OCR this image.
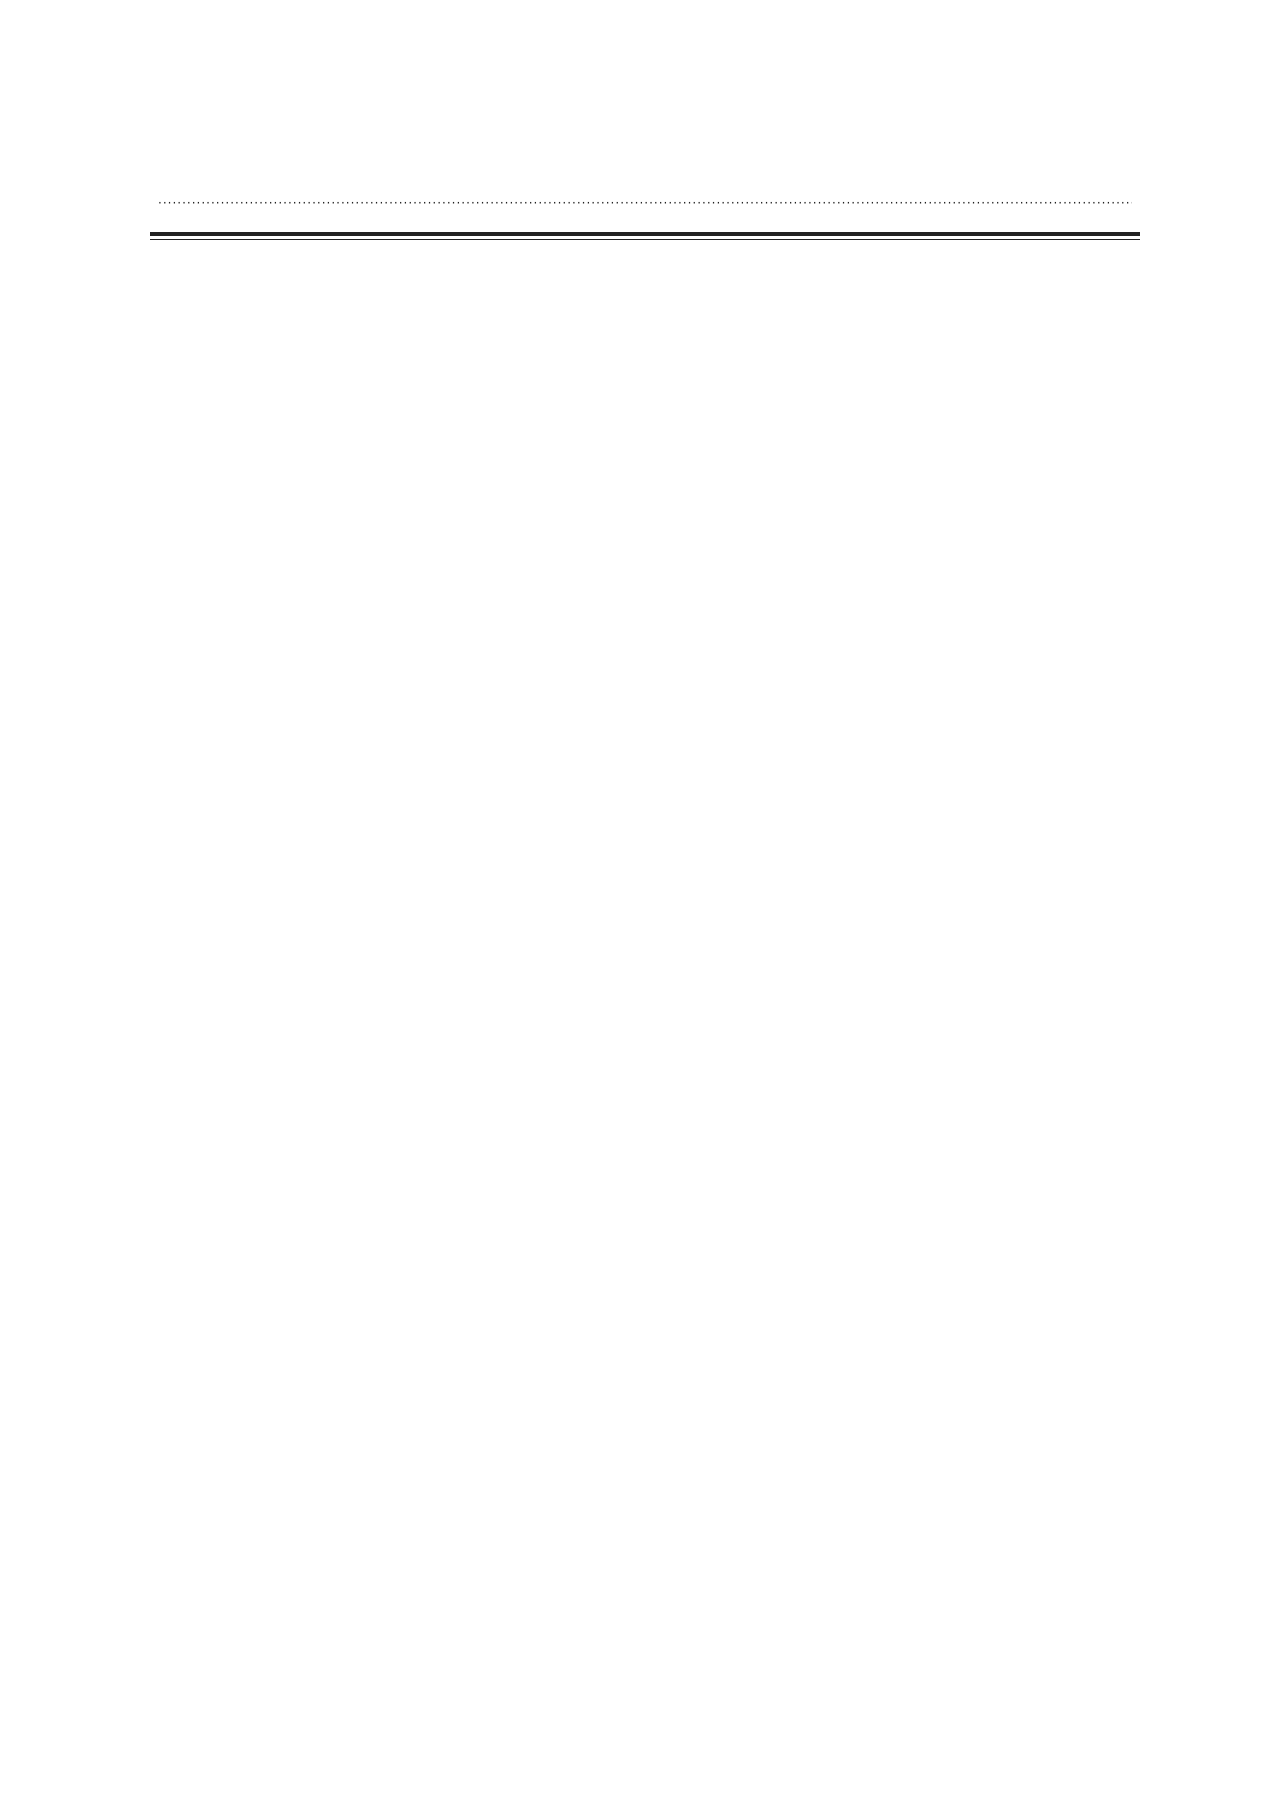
·····
